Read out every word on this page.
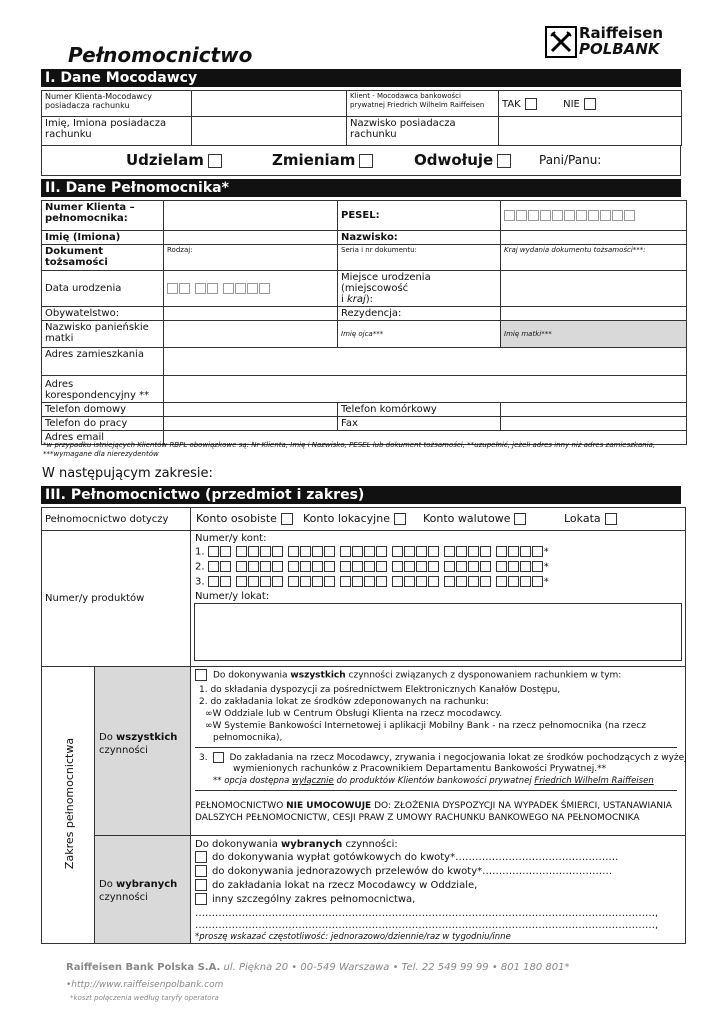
Pełnomocnictwo
Raiffeisen
POLBANK
I. Dane Mocodawcy
Numer Klienta-Mocodawcy posiadacza rachunku		Klient - Mocodawca bankowości prywatnej Friedrich Wilhelm Raiffeisen	TAK NIE
Imię, Imiona posiadacza rachunku		Nazwisko posiadacza rachunku	
Udzielam	Zmieniam	Odwołuje	Pani/Panu:
II. Dane Pełnomocnika*
Numer Klienta – pełnomocnika:		PESEL:	
Imię (Imiona)		Nazwisko:	
Dokument tożsamości	Rodzaj:	Seria i nr dokumentu:	Kraj wydania dokumentu tożsamości***:
Data urodzenia		Miejsce urodzenia (miejscowość
i kraj):	
Obywatelstwo:		Rezydencja:	
Nazwisko panieńskie matki		Imię ojca***	Imię matki***
Adres zamieszkania			
Adres korespondencyjny **			
Telefon domowy		Telefon komórkowy	
Telefon do pracy		Fax	
Adres email			
*w przypadku istniejących Klientów RBPL obowiązkowe są: Nr Klienta, Imię i Nazwisko, PESEL lub dokument tożsamości, **uzupełnić, jeżeli adres inny niż adres zamieszkania, ***wymagane dla nierezydentów
W następującym zakresie:
III. Pełnomocnictwo (przedmiot i zakres)
Pełnomocnictwo dotyczy	Konto osobiste	Konto lokacyjne	Konto walutowe	Lokata
Numer/y produktów
Numer/y kont:
1.	*
2.	*
3.	*
Numer/y lokat:
Zakres pełnomocnictwa
Do wszystkich
czynności
Do dokonywania wszystkich czynności związanych z dysponowaniem rachunkiem w tym:
1. do składania dyspozycji za pośrednictwem Elektronicznych Kanałów Dostępu,
2. do zakładania lokat ze środków zdeponowanych na rachunku:
∞W Oddziale lub w Centrum Obsługi Klienta na rzecz mocodawcy.
∞W Systemie Bankowości Internetowej i aplikacji Mobilny Bank - na rzecz pełnomocnika (na rzecz
pełnomocnika),
3. Do zakładania na rzecz Mocodawcy, zrywania i negocjowania lokat ze środków pochodzących z wyżej
wymienionych rachunków z Pracownikiem Departamentu Bankowości Prywatnej.**
** opcja dostępna wyłącznie do produktów Klientów bankowości prywatnej Friedrich Wilhelm Raiffeisen
PEŁNOMOCNICTWO NIE UMOCOWUJE DO: ZŁOŻENIA DYSPOZYCJI NA WYPADEK ŚMIERCI, USTANAWIANIA DALSZYCH PEŁNOMOCNICTW, CESJI PRAW Z UMOWY RACHUNKU BANKOWEGO NA PEŁNOMOCNIKA
Do wybranych
czynności
Do dokonywania wybranych czynności:
do dokonywania wypłat gotówkowych do kwoty*………………………………………….
do dokonywania jednorazowych przelewów do kwoty*…………………………………
do zakładania lokat na rzecz Mocodawcy w Oddziale,
inny szczególny zakres pełnomocnictwa,
…………………………………………………………………………………………………………………………,
…………………………………………………………………………………………………………………………,
*proszę wskazać częstotliwość: jednorazowo/dziennie/raz w tygodniu/inne
Raiffeisen Bank Polska S.A. ul. Piękna 20 • 00-549 Warszawa • Tel. 22 549 99 99 • 801 180 801*
•http://www.raiffeisenpolbank.com
*koszt połączenia według taryfy operatora
